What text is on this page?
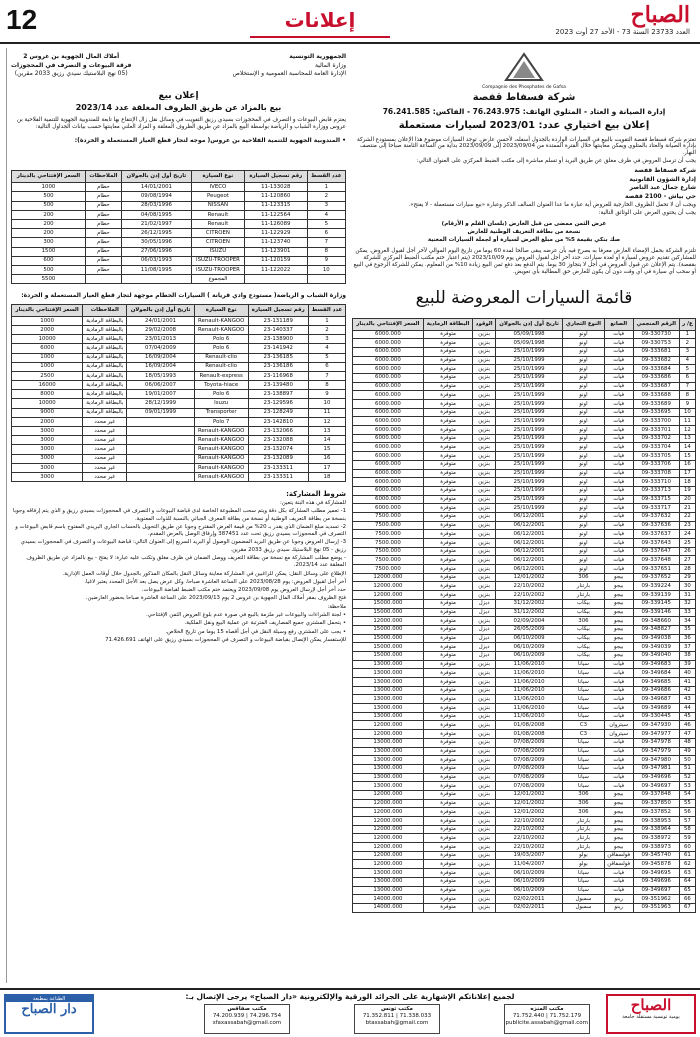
12	إعلانات	الصباح
العدد 23733 السنة 73 - الأحد 27 أوت 2023

الجمهورية التونسية

وزارة المالية

الإدارة العامة للمحاسبة العمومية و الإستخلاص

أملاك المال الجهوية بن عروس 2

فرقة البيوعات و التصرف في المحجوزات

(05 نهج البلاستيك سيدي رزيق 2033 مقرين)

إعلان بيع

بيع بالمزاد عن طريق الظروف المغلقة عدد 2023/14

يعتزم قابض البيوعات و التصرف في المحجوزات بسيدي رزيق التفويت في وسائل نقل زال الإنتفاع بها تابعة للمندوبية الجهوية للتنمية الفلاحية بن عروس ووزارة الشباب و الرياضة بواسطة البيع بالمزاد عن طريق الظروف المغلقة و المزاد العلني معاينتها حسب بيانات الجداول التالية:

• المندوبية الجهوية للتنمية الفلاحية بن عروس( موجه لتجار قطع الغيار المستعملة و الخردة):

عدد القسط	رقم تسجيل السيارة	نوع السيارة	تاريخ أول إذن بالجولان	الملاحظات	السعر الإفتتاحي بالدينار
1	11-133028	IVECO	14/01/2001	حطام	1000
2	11-120860	Peugeot	09/08/1994	حطام	500
3	11-123315	NISSAN	28/03/1996	حطام	500
4	11-122564	Renault	04/08/1995	حطام	200
5	11-126089	Renault	21/02/1997	حطام	200
6	11-122929	CITROEN	26/12/1995	حطام	200
7	11-123740	CITROEN	30/05/1996	حطام	300
8	11-123901	ISUZU	27/06/1996	حطام	1500
9	11-120159	ISUZU-TROOPER	06/03/1993	حطام	600
10	11-122022	ISUZU-TROOPER	11/08/1995	حطام	500
		المجموع			5500

وزارة الشباب و الرياضة( مستودع وادي قريانة ) السيارات الحطام موجهة لتجار قطع الغيار المستعملة و الخردة:

عدد القسط	رقم تسجيل السيارة	نوع السيارة	تاريخ أول إذن بالجولان	الملاحظات	السعر الإفتتاحي بالدينار
1	23-131189	Renault-KANGOO	24/01/2001	بالبطاقة الرمادية	1000
2	23-140337	Renault-KANGOO	29/02/2008	بالبطاقة الرمادية	2000
3	23-138900	Polo 6	23/01/2013	بالبطاقة الرمادية	10000
4	23-141942	Polo 6	07/04/2009	بالبطاقة الرمادية	6000
5	23-136185	Renault-clio	16/09/2004	بالبطاقة الرمادية	1000
6	23-136186	Renault-clio	16/09/2004	بالبطاقة الرمادية	1000
7	23-116968	Renault-express	18/05/1993	بالبطاقة الرمادية	2500
8	23-139480	Toyota-hiace	06/06/2007	بالبطاقة الرمادية	16000
9	23-138897	Polo 6	19/01/2007	بالبطاقة الرمادية	8000
10	23-129596	Isuzu	28/12/1999	بالبطاقة الرمادية	10000
11	23-128249	Transporter	09/01/1999	بالبطاقة الرمادية	9000
12	23-142810	Polo 7		غير محدد	2000
13	23-132066	Renault-KANGOO		غير محدد	3000
14	23-132088	Renault-KANGOO		غير محدد	3000
15	23-132074	Renault-KANGOO		غير محدد	3000
16	23-132089	Renault-KANGOO		غير محدد	3000
17	23-133311	Renault-KANGOO		غير محدد	3000
18	23-133311	Renault-KANGOO		غير محدد	3000

شروط المشاركة:

للمشاركة في هذه البتة يتعين:

1- تعمير مطلب المشاركة بكل دقة ويتم سحب المطبوعة الخاصة لدى قباضة البيوعات و التصرف في المحجوزات بسيدي رزيق و الذي يتم إرفاقه وجوبا بنسخة من بطاقة التعريف الوطنية أو نسخة من بطاقة المعرف الجبائي بالنسبة للذوات المعنوية.

2- تسديد مبلغ الضمان الذي يقدر بـ 20% من قيمة العرض المقترح وجوبا عن طريق التحويل بالحساب الجاري البريدي المفتوح باسم قابض البيوعات و التصرف في المحجوزات بسيدي رزيق تحت عدد 387451 وإرفاق الوصل بالعرض المقدم.

3- إرسال العروض وجوبا عن طريق البريد المضمون الوصول أو البريد السريع إلى العنوان التالي: قباضة البيوعات و التصرف في المحجوزات بسيدي رزيق - 05 نهج البلاستيك سيدي رزيق 2033 مقرين.

- يوضع مطلب المشاركة مع نسخة من بطاقة التعريف ووصل الضمان في ظرف مغلق وتكتب عليه عبارة: لا يفتح - بيع بالمزاد عن طريق الظروف المغلقة عدد 2023/14.

الإطلاع على وسائل النقل: يمكن للراغبين في المشاركة معاينة وسائل النقل بالمكان المذكور بالجدول خلال أوقات العمل الإدارية.

آخر أجل لقبول العروض: يوم 2023/08/28 على الساعة العاشرة صباحا، وكل عرض يصل بعد الأجل المحدد يعتبر لاغيا.

حدد آخر أجل لإرسال العروض يوم 2023/09/08 ويعتمد ختم مكتب الضبط لقباضة البيوعات.

فتح الظروف بمقر أملاك المال الجهوية بن عروس 2 يوم 2023/09/13 على الساعة العاشرة صباحا بحضور العارضين.

ملاحظة:

• لجنة الشراءات والبيوعات غير ملزمة بالبيع في صورة عدم بلوغ العروض الثمن الإفتتاحي.

• يتحمل المشتري جميع المصاريف المترتبة عن عملية البيع ونقل الملكية.

• يجب على المشتري رفع وسيلة النقل في أجل أقصاه 15 يوما من تاريخ الخلاص.

للإستفسار يمكن الإتصال بقباضة البيوعات و التصرف في المحجوزات بسيدي رزيق على الهاتف 71.426.691

Compagnie des Phosphates de Gafsa

شركة فسفاط قفصة

إدارة الصيانة و العتاد - المتلوي الهاتف: 76.243.975 - الفاكس: 76.241.585

إعلان بيع اختياري عدد: 2023/01 لسيارات مستعملة

تعتزم شركة فسفاط قفصة التفويت بالبيع في السيارات الواردة بالجدول أسفله، لأحسن عارض. توجد السيارات موضوع هذا الإعلان بمستودع الشركة بإدارة الصيانة والعتاد بالمتلوي ويمكن معاينتها خلال الفترة الممتدة من 2023/09/04 إلى 2023/09/09 بداية من الساعة الثامنة صباحا إلى منتصف النهار.

يجب أن ترسل العروض في ظرف مغلق عن طريق البريد أو تسلم مباشرة إلى مكتب الضبط المركزي على العنوان التالي:

شركة فسفاط قفصة

إدارة الشؤون القانونية

شارع جمال عبد الناصر

حي بياش - 2100 قفصة

ويجب أن لا تحمل الظروف الخارجية للعروض أية عبارة ما عدا العنوان السالف الذكر وعبارة «بيع سيارات مستعملة - لا يفتح».

يجب أن يحتوي العرض على الوثائق التالية:

عرض الثمن ممضى من قبل العارض (بلسان القلم و الأرقام)

نسخة من بطاقة التعريف الوطنية للعارض

صك بنكي بقيمة 5% من مبلغ العرض لسيارة أو لجملة السيارات المعنية

تلتزم الشركة بحمل الإمضاء العارض معرفا به بصرح فيه بأن عرضه يبقى صالحا لمدة 60 يوما من تاريخ اليوم الموالي لآخر أجل لقبول العروض. يمكن للمشاركين تقديم عروض لسيارة أو لعدة سيارات. حدد آخر أجل لقبول العروض يوم 2023/10/09 (يتم اعتبار ختم مكتب الضبط المركزي للشركة بقفصة). يتم الإعلان عن قبول العروض في أجل لا يتجاوز 30 يوما. يتم الدفع بعد دفع ثمن البيع زيادة 10% من المعلوم. يمكن للشركة الرجوع في البيع أو سحب أي سيارة في أي وقت دون أن يكون للعارض حق المطالبة بأي تعويض.

قائمة السيارات المعروضة للبيع

ع/ ر	الرقم المنجمي	الصانع	النوع التجاري	تاريخ أول إذن بالجولان	الوقود	البطاقة الرمادية	السعر الإفتتاحي بالدينار
1	09-330730	فيات	اونو	05/09/1998	بنزين	متوفرة	6000.000
2	09-330753	فيات	اونو	05/09/1998	بنزين	متوفرة	6000.000
3	09-333681	فيات	اونو	25/10/1999	بنزين	متوفرة	6000.000
4	09-333682	فيات	اونو	25/10/1999	بنزين	متوفرة	6000.000
5	09-333684	فيات	اونو	25/10/1999	بنزين	متوفرة	6000.000
6	09-333686	فيات	اونو	25/10/1999	بنزين	متوفرة	6000.000
7	09-333687	فيات	اونو	25/10/1999	بنزين	متوفرة	6000.000
8	09-333688	فيات	اونو	25/10/1999	بنزين	متوفرة	6000.000
9	09-333689	فيات	اونو	25/10/1999	بنزين	متوفرة	6000.000
10	09-333695	فيات	اونو	25/10/1999	بنزين	متوفرة	6000.000
11	09-333700	فيات	اونو	25/10/1999	بنزين	متوفرة	6000.000
12	09-333701	فيات	اونو	25/10/1999	بنزين	متوفرة	6000.000
13	09-333702	فيات	اونو	25/10/1999	بنزين	متوفرة	6000.000
14	09-333704	فيات	اونو	25/10/1999	بنزين	متوفرة	6000.000
15	09-333705	فيات	اونو	25/10/1999	بنزين	متوفرة	6000.000
16	09-333706	فيات	اونو	25/10/1999	بنزين	متوفرة	6000.000
17	09-333708	فيات	اونو	25/10/1999	بنزين	متوفرة	6000.000
18	09-333710	فيات	اونو	25/10/1999	بنزين	متوفرة	6000.000
19	09-333713	فيات	اونو	25/10/1999	بنزين	متوفرة	6000.000
20	09-333715	فيات	اونو	25/10/1999	بنزين	متوفرة	6000.000
21	09-333717	فيات	اونو	25/10/1999	بنزين	متوفرة	6000.000
22	09-337632	فيات	اونو	06/12/2001	بنزين	متوفرة	7500.000
23	09-337636	فيات	اونو	06/12/2001	بنزين	متوفرة	7500.000
24	09-337637	فيات	اونو	06/12/2001	بنزين	متوفرة	7500.000
25	09-337643	فيات	اونو	06/12/2001	بنزين	متوفرة	7500.000
26	09-337647	فيات	اونو	06/12/2001	بنزين	متوفرة	7500.000
27	09-337648	فيات	اونو	06/12/2001	بنزين	متوفرة	7500.000
28	09-337651	فيات	اونو	06/12/2001	بنزين	متوفرة	7500.000
29	09-337652	بيجو	306	12/01/2002	بنزين	متوفرة	12000.000
30	09-339224	بيجو	بارتنار	22/10/2002	بنزين	متوفرة	12000.000
31	09-339139	بيجو	بارتنار	22/10/2002	بنزين	متوفرة	12000.000
32	09-339145	بيجو	بيكاب	31/12/2002	ديزل	متوفرة	15000.000
33	09-339146	بيجو	بيكاب	31/12/2002	ديزل	متوفرة	15000.000
34	09-348660	بيجو	306	02/09/2004	بنزين	متوفرة	12000.000
35	09-348827	بيجو	بيكاب	26/05/2009	ديزل	متوفرة	15000.000
36	09-349038	بيجو	بيكاب	06/10/2009	ديزل	متوفرة	15000.000
37	09-349039	بيجو	بيكاب	06/10/2009	ديزل	متوفرة	15000.000
38	09-349040	بيجو	بيكاب	06/10/2009	ديزل	متوفرة	15000.000
39	09-349683	فيات	سيانا	11/06/2010	بنزين	متوفرة	13000.000
40	09-349684	فيات	سيانا	11/06/2010	بنزين	متوفرة	13000.000
41	09-349685	فيات	سيانا	11/06/2010	بنزين	متوفرة	13000.000
42	09-349686	فيات	سيانا	11/06/2010	بنزين	متوفرة	13000.000
43	09-349687	فيات	سيانا	11/06/2010	بنزين	متوفرة	13000.000
44	09-349689	فيات	سيانا	11/06/2010	بنزين	متوفرة	13000.000
45	09-330445	فيات	سيانا	11/06/2010	بنزين	متوفرة	13000.000
46	09-347930	سيتروان	C3	01/08/2008	بنزين	متوفرة	12000.000
47	09-347977	سيتروان	C3	01/08/2008	بنزين	متوفرة	12000.000
48	09-347978	فيات	سيانا	07/08/2009	بنزين	متوفرة	13000.000
49	09-347979	فيات	سيانا	07/08/2009	بنزين	متوفرة	13000.000
50	09-347980	فيات	سيانا	07/08/2009	بنزين	متوفرة	13000.000
51	09-347981	فيات	سيانا	07/08/2009	بنزين	متوفرة	13000.000
52	09-349696	فيات	سيانا	07/08/2009	بنزين	متوفرة	13000.000
53	09-349697	فيات	سيانا	07/08/2009	بنزين	متوفرة	13000.000
54	09-337848	بيجو	306	12/01/2002	بنزين	متوفرة	12000.000
55	09-337850	بيجو	306	12/01/2002	بنزين	متوفرة	12000.000
56	09-337852	بيجو	306	12/01/2002	بنزين	متوفرة	12000.000
57	09-338953	بيجو	بارتنار	22/10/2002	بنزين	متوفرة	12000.000
58	09-338964	بيجو	بارتنار	22/10/2002	بنزين	متوفرة	12000.000
59	09-338972	بيجو	بارتنار	22/10/2002	بنزين	متوفرة	12000.000
60	09-338973	بيجو	بارتنار	22/10/2002	بنزين	متوفرة	12000.000
61	09-345740	فولسفاقن	بولو	19/03/2007	بنزين	متوفرة	12000.000
62	09-345878	فولسفاقن	بولو	11/04/2007	بنزين	متوفرة	12000.000
63	09-349695	فيات	سيانا	06/10/2009	بنزين	متوفرة	13000.000
64	09-349696	فيات	سيانا	06/10/2009	بنزين	متوفرة	13000.000
65	09-349697	فيات	سيانا	06/10/2009	بنزين	متوفرة	13000.000
66	09-351962	رينو	سمبول	02/02/2011	بنزين	متوفرة	14000.000
67	09-351963	رينو	سمبول	02/02/2011	بنزين	متوفرة	14000.000
لجميع إعلاناتكم الإشهارية على الجرائد الورقية والإلكترونية «دار الصباح» يرجى الإتصال بـ:
مكتب المنزه
71.752.179 | 71.752.440
publicite.assabah@gmail.com
مكتب تونس
71.338.033 | 71.352.811
btassabah@gmail.com
مكتب صفاقس
74.296.754 | 74.200.939
sfaxassabah@gmail.com
الصباح
يومية تونسية مستقلة جامعة
الطباعة بمطبعة
دار الصباح
